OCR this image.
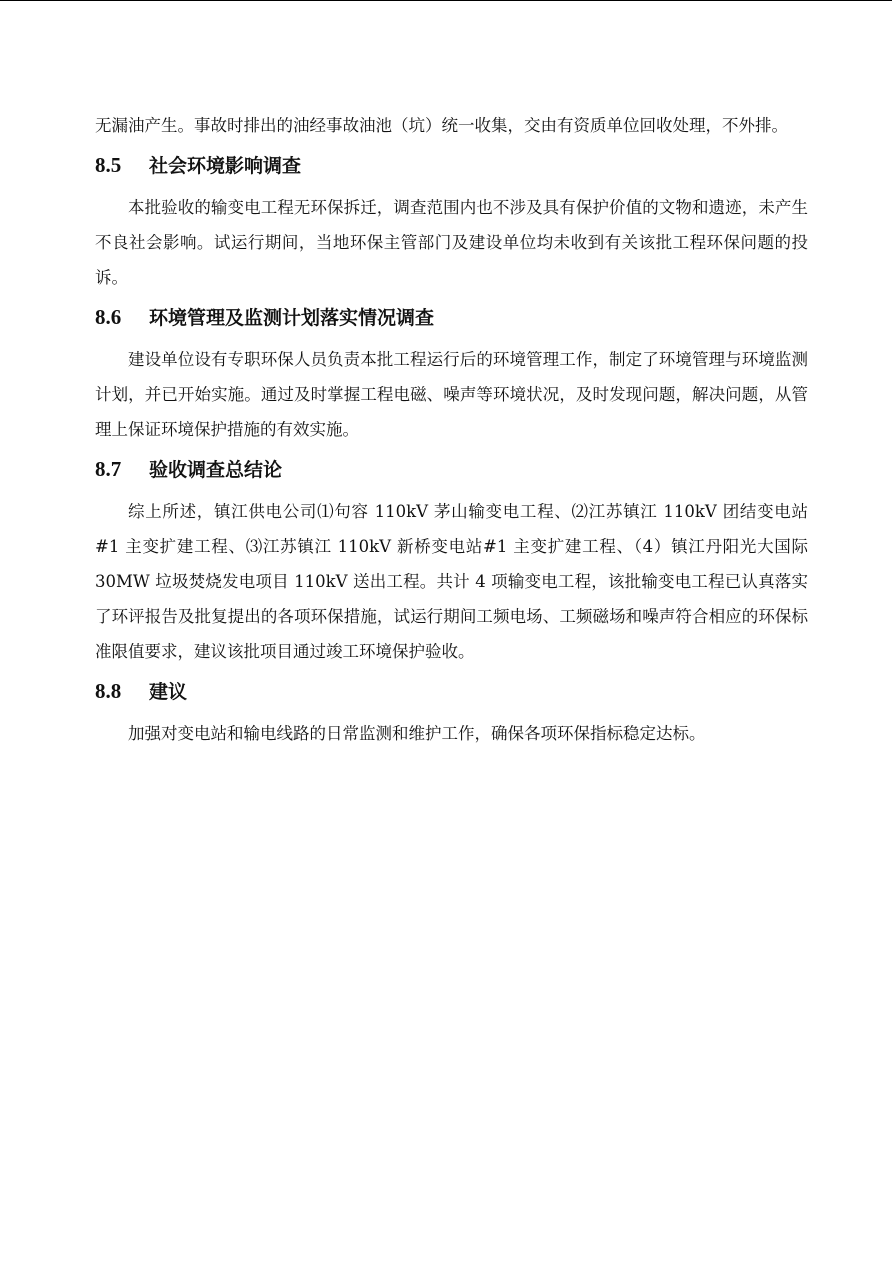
无漏油产生。事故时排出的油经事故油池（坑）统一收集，交由有资质单位回收处理，不外排。

8.5	社会环境影响调查

本批验收的输变电工程无环保拆迁，调查范围内也不涉及具有保护价值的文物和遗迹，未产生不良社会影响。试运行期间，当地环保主管部门及建设单位均未收到有关该批工程环保问题的投诉。

8.6	环境管理及监测计划落实情况调查

建设单位设有专职环保人员负责本批工程运行后的环境管理工作，制定了环境管理与环境监测计划，并已开始实施。通过及时掌握工程电磁、噪声等环境状况，及时发现问题，解决问题，从管理上保证环境保护措施的有效实施。

8.7	验收调查总结论

综上所述，镇江供电公司⑴句容 110kV 茅山输变电工程、⑵江苏镇江 110kV 团结变电站#1 主变扩建工程、⑶江苏镇江 110kV 新桥变电站#1 主变扩建工程、（4）镇江丹阳光大国际 30MW 垃圾焚烧发电项目 110kV 送出工程。共计 4 项输变电工程，该批输变电工程已认真落实了环评报告及批复提出的各项环保措施，试运行期间工频电场、工频磁场和噪声符合相应的环保标准限值要求，建议该批项目通过竣工环境保护验收。

8.8	建议

加强对变电站和输电线路的日常监测和维护工作，确保各项环保指标稳定达标。
